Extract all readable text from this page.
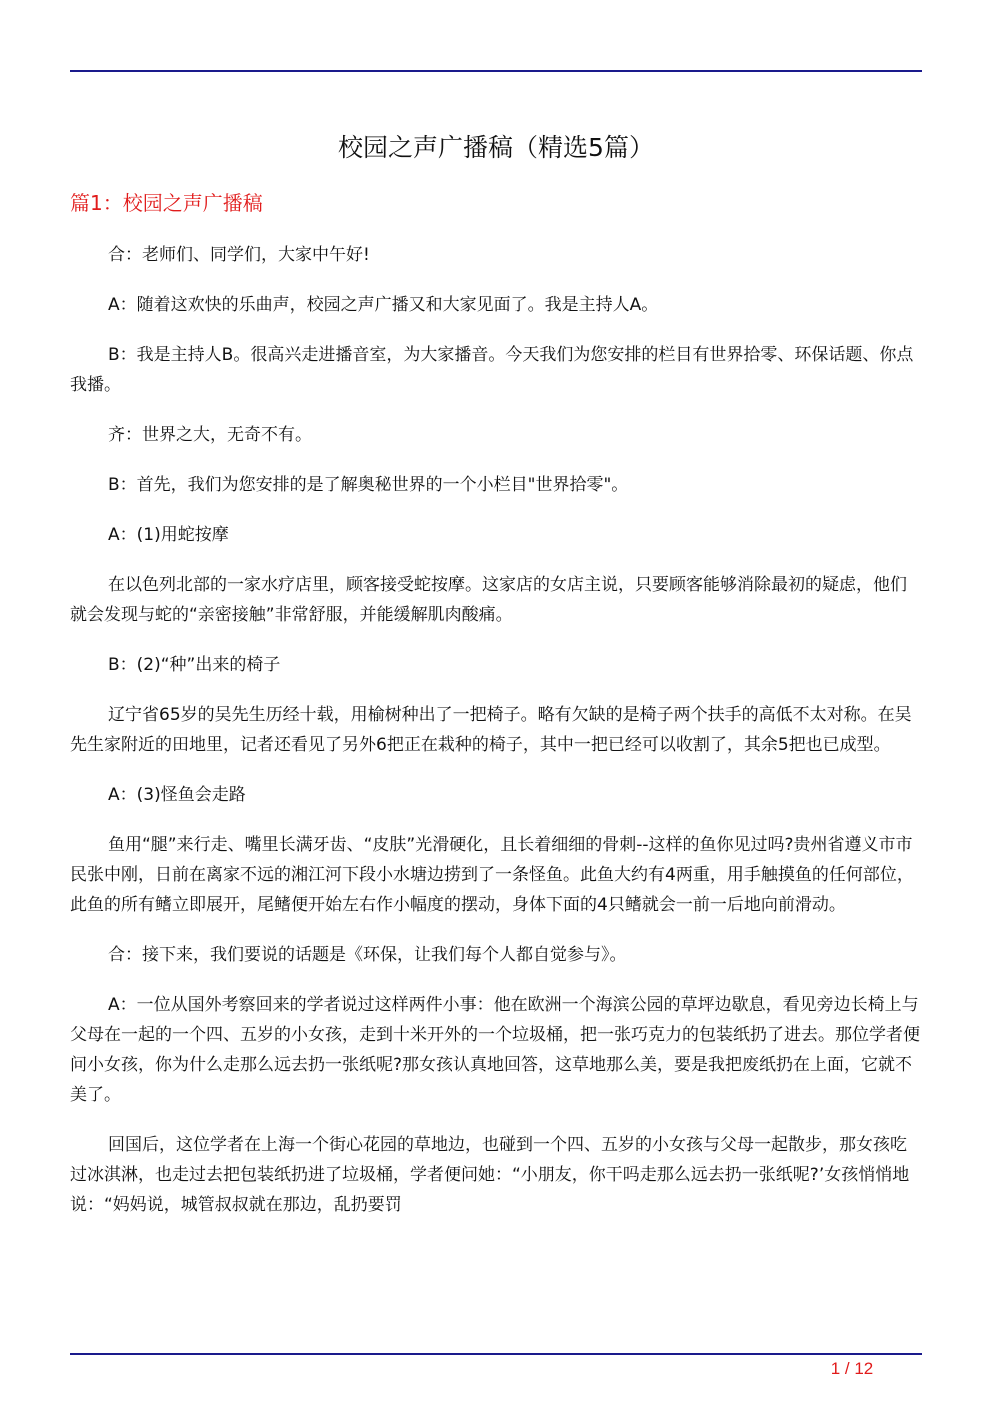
校园之声广播稿（精选5篇）
篇1：校园之声广播稿

合：老师们、同学们，大家中午好!

A：随着这欢快的乐曲声，校园之声广播又和大家见面了。我是主持人A。

B：我是主持人B。很高兴走进播音室，为大家播音。今天我们为您安排的栏目有世界拾零、环保话题、你点我播。

齐：世界之大，无奇不有。

B：首先，我们为您安排的是了解奥秘世界的一个小栏目"世界拾零"。

A：(1)用蛇按摩

在以色列北部的一家水疗店里，顾客接受蛇按摩。这家店的女店主说，只要顾客能够消除最初的疑虑，他们就会发现与蛇的“亲密接触”非常舒服，并能缓解肌肉酸痛。

B：(2)“种”出来的椅子

辽宁省65岁的吴先生历经十载，用榆树种出了一把椅子。略有欠缺的是椅子两个扶手的高低不太对称。在吴先生家附近的田地里，记者还看见了另外6把正在栽种的椅子，其中一把已经可以收割了，其余5把也已成型。

A：(3)怪鱼会走路

鱼用“腿”来行走、嘴里长满牙齿、“皮肤”光滑硬化，且长着细细的骨刺--这样的鱼你见过吗?贵州省遵义市市民张中刚，日前在离家不远的湘江河下段小水塘边捞到了一条怪鱼。此鱼大约有4两重，用手触摸鱼的任何部位，此鱼的所有鳍立即展开，尾鳍便开始左右作小幅度的摆动，身体下面的4只鳍就会一前一后地向前滑动。

合：接下来，我们要说的话题是《环保，让我们每个人都自觉参与》。

A：一位从国外考察回来的学者说过这样两件小事：他在欧洲一个海滨公园的草坪边歇息，看见旁边长椅上与父母在一起的一个四、五岁的小女孩，走到十米开外的一个垃圾桶，把一张巧克力的包装纸扔了进去。那位学者便问小女孩，你为什么走那么远去扔一张纸呢?那女孩认真地回答，这草地那么美，要是我把废纸扔在上面，它就不美了。

回国后，这位学者在上海一个街心花园的草地边，也碰到一个四、五岁的小女孩与父母一起散步，那女孩吃过冰淇淋，也走过去把包装纸扔进了垃圾桶，学者便问她：“小朋友，你干吗走那么远去扔一张纸呢?’女孩悄悄地说：“妈妈说，城管叔叔就在那边，乱扔要罚

1 / 12
